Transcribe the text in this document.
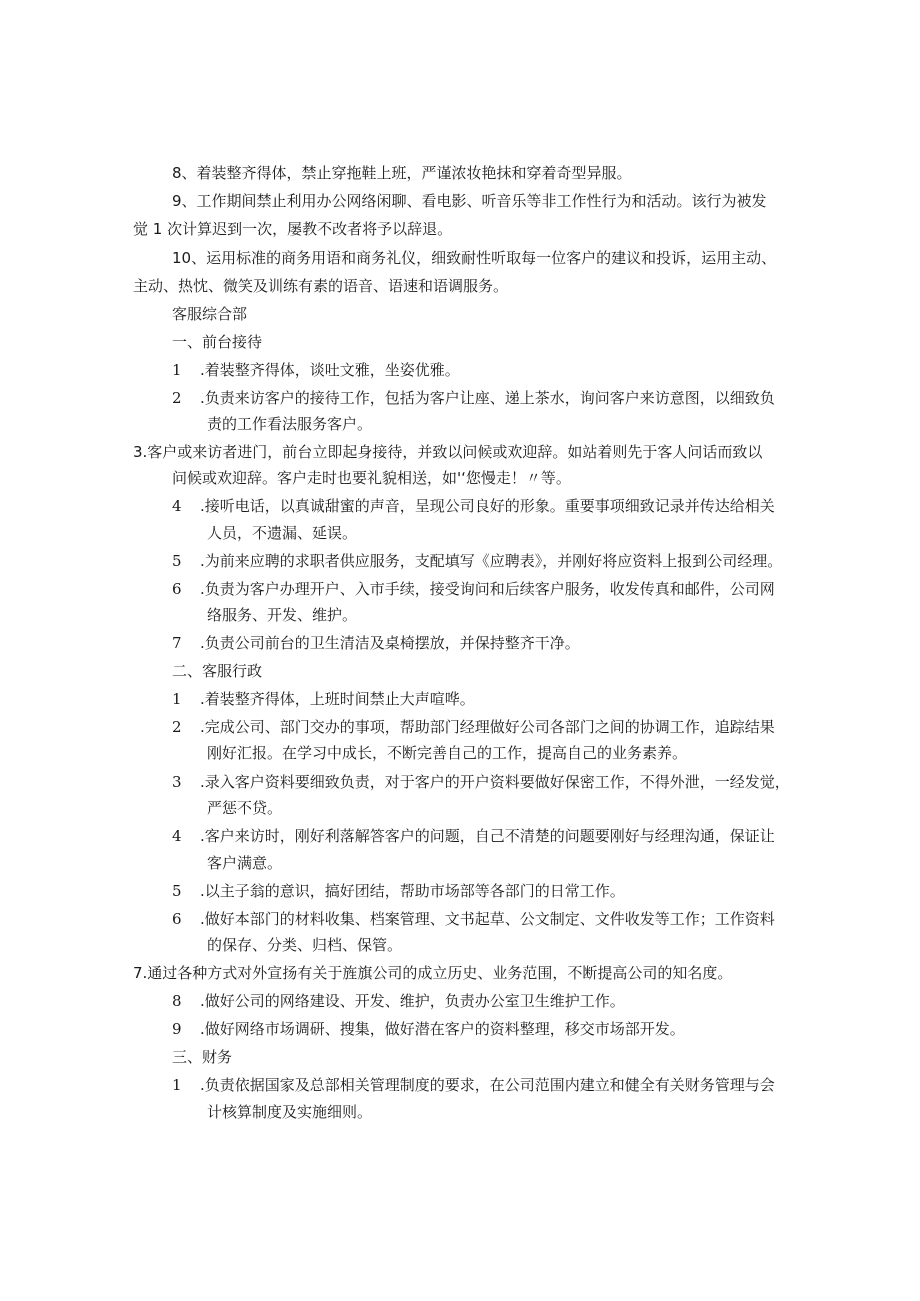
8、着装整齐得体，禁止穿拖鞋上班，严谨浓妆艳抹和穿着奇型异服。
9、工作期间禁止利用办公网络闲聊、看电影、听音乐等非工作性行为和活动。该行为被发
觉 1 次计算迟到一次，屡教不改者将予以辞退。
10、运用标准的商务用语和商务礼仪，细致耐性听取每一位客户的建议和投诉，运用主动、
主动、热忱、微笑及训练有素的语音、语速和语调服务。
客服综合部
一、前台接待
1 .着装整齐得体，谈吐文雅，坐姿优雅。
2 .负责来访客户的接待工作，包括为客户让座、递上茶水，询问客户来访意图，以细致负
责的工作看法服务客户。
3.客户或来访者进门，前台立即起身接待，并致以问候或欢迎辞。如站着则先于客人问话而致以
问候或欢迎辞。客户走时也要礼貌相送，如'‘您慢走！〃等。
4 .接听电话，以真诚甜蜜的声音，呈现公司良好的形象。重要事项细致记录并传达给相关
人员，不遗漏、延误。
5 .为前来应聘的求职者供应服务，支配填写《应聘表》，并刚好将应资料上报到公司经理。
6 .负责为客户办理开户、入市手续，接受询问和后续客户服务，收发传真和邮件，公司网
络服务、开发、维护。
7 .负责公司前台的卫生清洁及桌椅摆放，并保持整齐干净。
二、客服行政
1 .着装整齐得体，上班时间禁止大声喧哗。
2 .完成公司、部门交办的事项，帮助部门经理做好公司各部门之间的协调工作，追踪结果
刚好汇报。在学习中成长，不断完善自己的工作，提高自己的业务素养。
3 .录入客户资料要细致负责，对于客户的开户资料要做好保密工作，不得外泄，一经发觉，
严惩不贷。
4 .客户来访时，刚好利落解答客户的问题，自己不清楚的问题要刚好与经理沟通，保证让
客户满意。
5 .以主子翁的意识，搞好团结，帮助市场部等各部门的日常工作。
6 .做好本部门的材料收集、档案管理、文书起草、公文制定、文件收发等工作；工作资料
的保存、分类、归档、保管。
7.通过各种方式对外宣扬有关于旌旗公司的成立历史、业务范围，不断提高公司的知名度。
8 .做好公司的网络建设、开发、维护，负责办公室卫生维护工作。
9 .做好网络市场调研、搜集，做好潜在客户的资料整理，移交市场部开发。
三、财务
1 .负责依据国家及总部相关管理制度的要求，在公司范围内建立和健全有关财务管理与会
计核算制度及实施细则。
